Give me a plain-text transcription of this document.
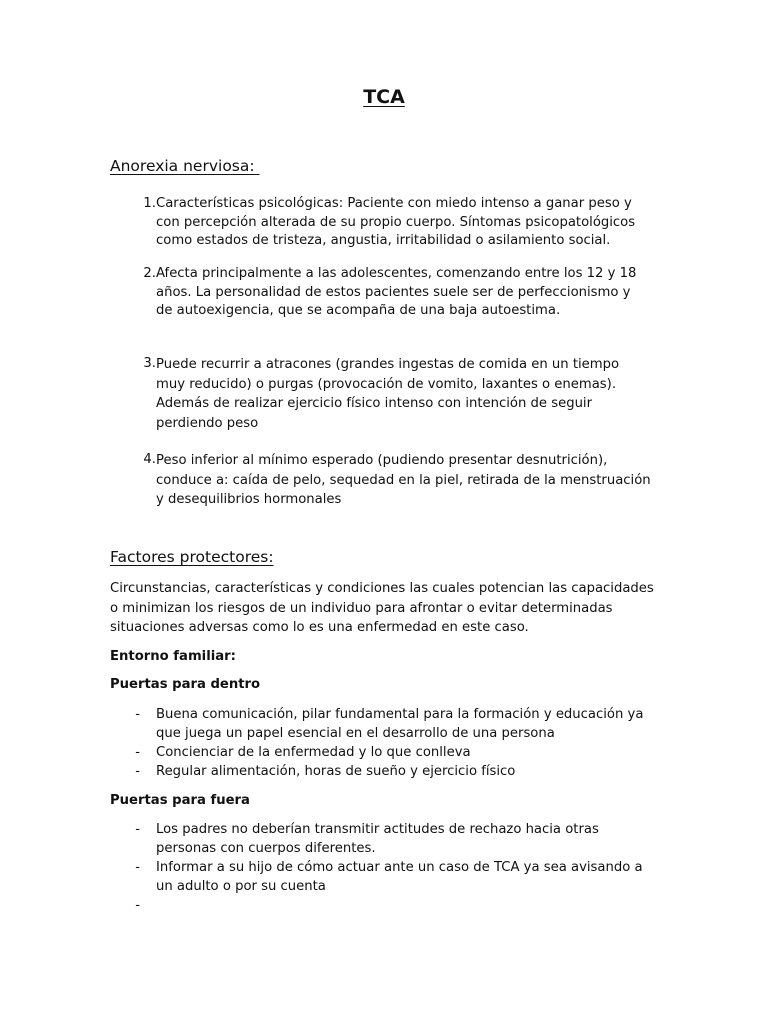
TCA
Anorexia nerviosa:
1. Características psicológicas: Paciente con miedo intenso a ganar peso y con percepción alterada de su propio cuerpo. Síntomas psicopatológicos como estados de tristeza, angustia, irritabilidad o asilamiento social.
2. Afecta principalmente a las adolescentes, comenzando entre los 12 y 18 años. La personalidad de estos pacientes suele ser de perfeccionismo y de autoexigencia, que se acompaña de una baja autoestima.
3. Puede recurrir a atracones (grandes ingestas de comida en un tiempo muy reducido) o purgas (provocación de vomito, laxantes o enemas). Además de realizar ejercicio físico intenso con intención de seguir perdiendo peso
4. Peso inferior al mínimo esperado (pudiendo presentar desnutrición), conduce a: caída de pelo, sequedad en la piel, retirada de la menstruación y desequilibrios hormonales
Factores protectores:
Circunstancias, características y condiciones las cuales potencian las capacidades o minimizan los riesgos de un individuo para afrontar o evitar determinadas situaciones adversas como lo es una enfermedad en este caso.
Entorno familiar:
Puertas para dentro
-	Buena comunicación, pilar fundamental para la formación y educación ya que juega un papel esencial en el desarrollo de una persona
-	Concienciar de la enfermedad y lo que conlleva
-	Regular alimentación, horas de sueño y ejercicio físico
Puertas para fuera
-	Los padres no deberían transmitir actitudes de rechazo hacia otras personas con cuerpos diferentes.
-	Informar a su hijo de cómo actuar ante un caso de TCA ya sea avisando a un adulto o por su cuenta
-
